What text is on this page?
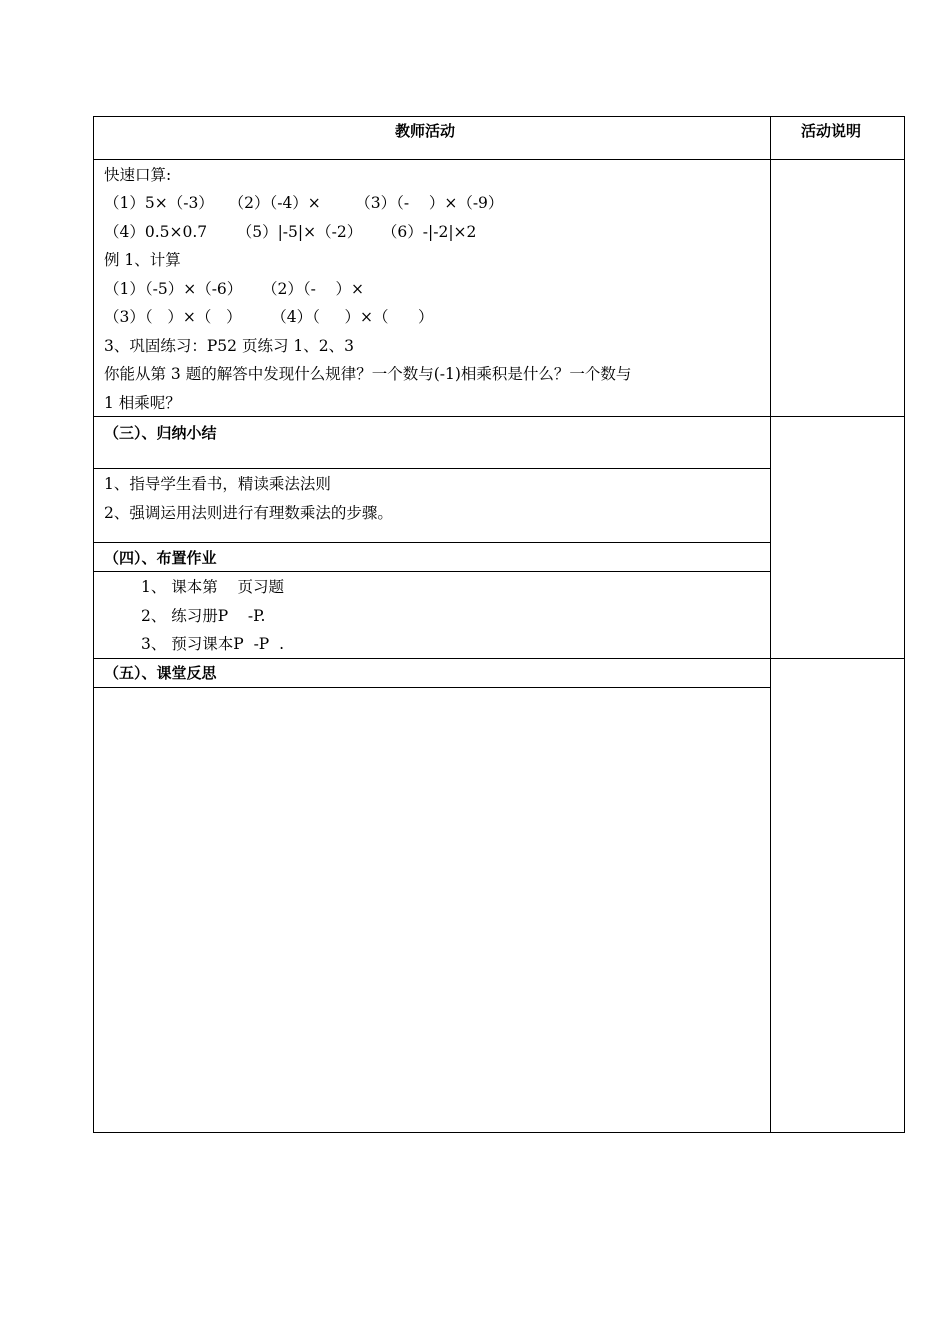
教师活动	活动说明
快速口算:
（1）5×（-3）   （2）（-4）×       （3）（-    ）×（-9）
（4）0.5×0.7      （5）|-5|×（-2）    （6）-|-2|×2
例 1、计算
（1）（-5）×（-6）    （2）（-    ）×
（3）（   ）×（   ）      （4）（     ）×（      ）
3、巩固练习：P52 页练习 1、2、3
你能从第 3 题的解答中发现什么规律？一个数与(-1)相乘积是什么？一个数与
1 相乘呢？
（三）、归纳小结
1、指导学生看书，精读乘法法则
2、强调运用法则进行有理数乘法的步骤。
（四）、布置作业
1、 课本第    页习题
2、 练习册P    -P.
3、 预习课本P  -P  .
（五）、课堂反思
